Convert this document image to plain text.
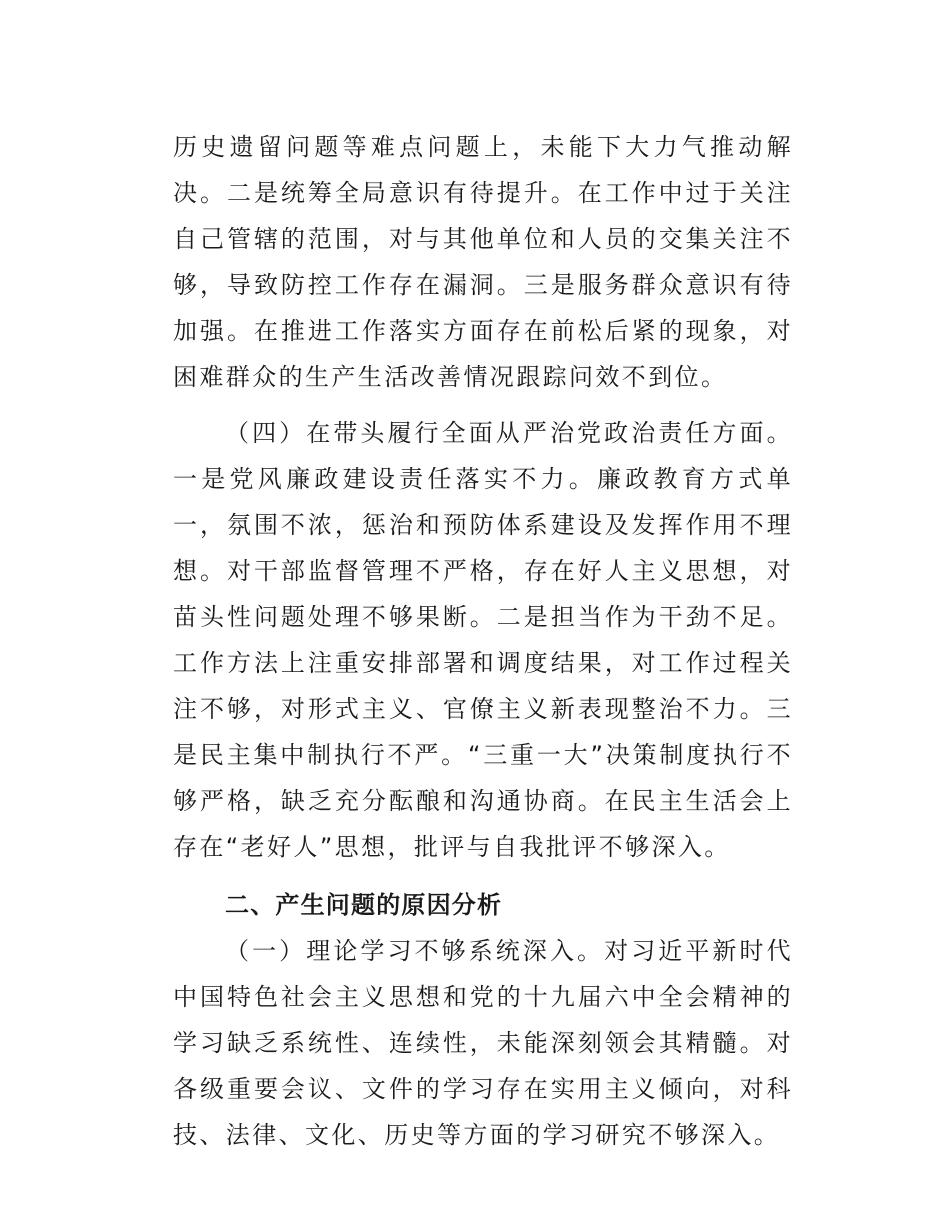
历史遗留问题等难点问题上，未能下大力气推动解决。二是统筹全局意识有待提升。在工作中过于关注自己管辖的范围，对与其他单位和人员的交集关注不够，导致防控工作存在漏洞。三是服务群众意识有待加强。在推进工作落实方面存在前松后紧的现象，对困难群众的生产生活改善情况跟踪问效不到位。

（四）在带头履行全面从严治党政治责任方面。一是党风廉政建设责任落实不力。廉政教育方式单一，氛围不浓，惩治和预防体系建设及发挥作用不理想。对干部监督管理不严格，存在好人主义思想，对苗头性问题处理不够果断。二是担当作为干劲不足。工作方法上注重安排部署和调度结果，对工作过程关注不够，对形式主义、官僚主义新表现整治不力。三是民主集中制执行不严。“三重一大”决策制度执行不够严格，缺乏充分酝酿和沟通协商。在民主生活会上存在“老好人”思想，批评与自我批评不够深入。

二、产生问题的原因分析

（一）理论学习不够系统深入。对习近平新时代中国特色社会主义思想和党的十九届六中全会精神的学习缺乏系统性、连续性，未能深刻领会其精髓。对各级重要会议、文件的学习存在实用主义倾向，对科技、法律、文化、历史等方面的学习研究不够深入。
